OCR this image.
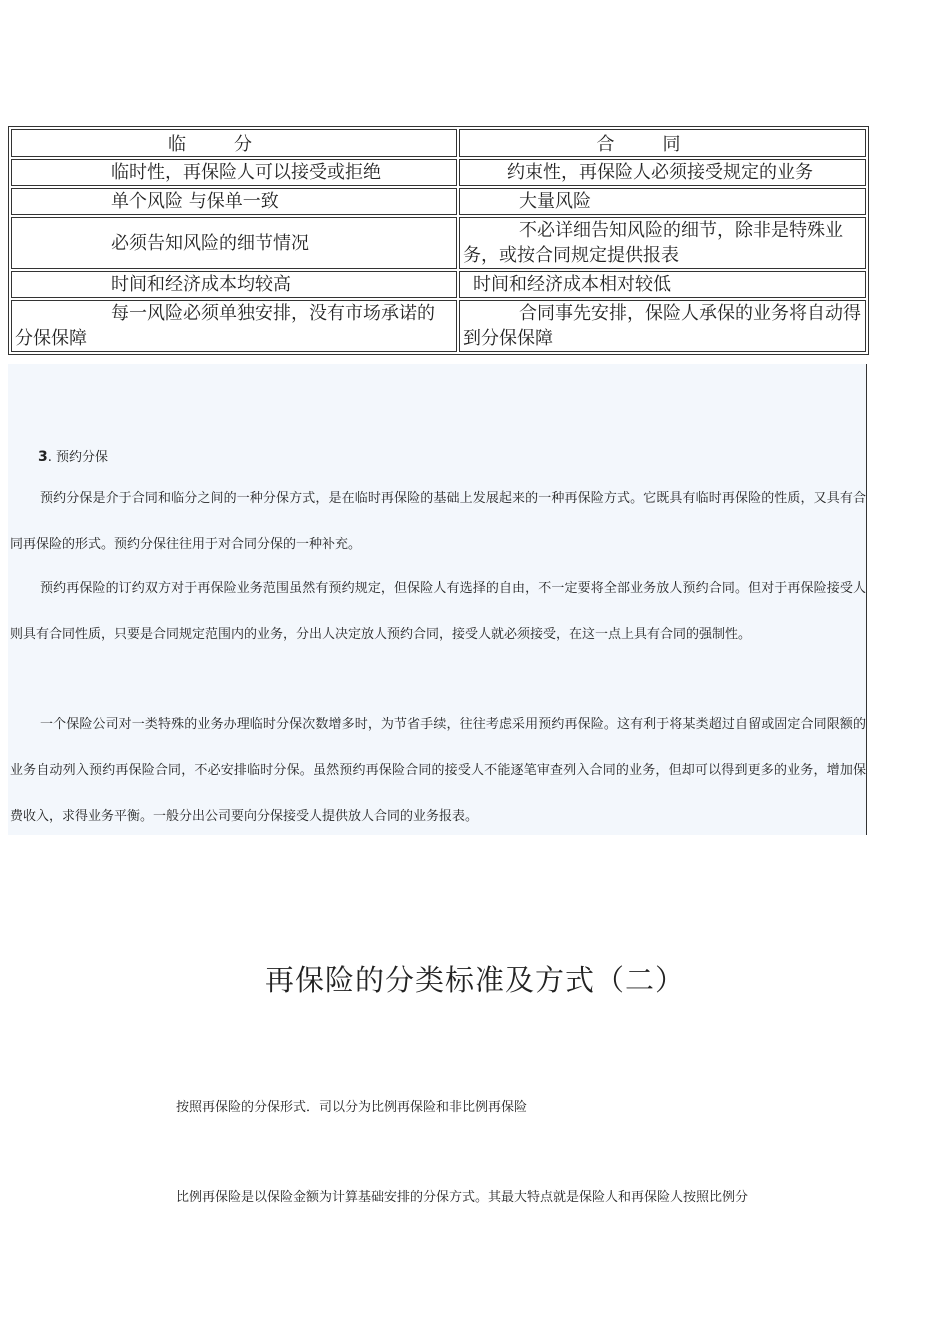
临分	合同
临时性，再保险人可以接受或拒绝	约束性，再保险人必须接受规定的业务
单个风险 与保单一致	大量风险
必须告知风险的细节情况	不必详细告知风险的细节，除非是特殊业务，或按合同规定提供报表
时间和经济成本均较高	时间和经济成本相对较低
每一风险必须单独安排，没有市场承诺的分保保障	合同事先安排，保险人承保的业务将自动得到分保保障
3. 预约分保

预约分保是介于合同和临分之间的一种分保方式，是在临时再保险的基础上发展起来的一种再保险方式。它既具有临时再保险的性质，又具有合同再保险的形式。预约分保往往用于对合同分保的一种补充。

预约再保险的订约双方对于再保险业务范围虽然有预约规定，但保险人有选择的自由，不一定要将全部业务放人预约合同。但对于再保险接受人则具有合同性质，只要是合同规定范围内的业务，分出人决定放人预约合同，接受人就必须接受，在这一点上具有合同的强制性。

一个保险公司对一类特殊的业务办理临时分保次数增多时，为节省手续，往往考虑采用预约再保险。这有利于将某类超过自留或固定合同限额的业务自动列入预约再保险合同，不必安排临时分保。虽然预约再保险合同的接受人不能逐笔审查列入合同的业务，但却可以得到更多的业务，增加保费收入，求得业务平衡。一般分出公司要向分保接受人提供放人合同的业务报表。

再保险的分类标准及方式（二）
按照再保险的分保形式．司以分为比例再保险和非比例再保险
比例再保险是以保险金额为计算基础安排的分保方式。其最大特点就是保险人和再保险人按照比例分
